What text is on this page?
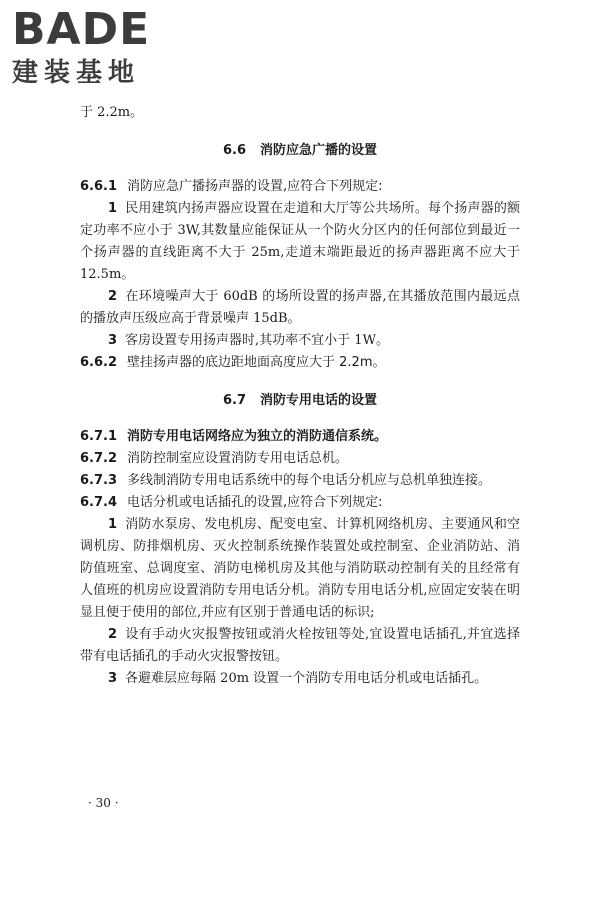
BADE
建装基地

于 2.2m。

6.6 消防应急广播的设置

6.6.1 消防应急广播扬声器的设置,应符合下列规定:

1 民用建筑内扬声器应设置在走道和大厅等公共场所。每个扬声器的额定功率不应小于 3W,其数量应能保证从一个防火分区内的任何部位到最近一个扬声器的直线距离不大于 25m,走道末端距最近的扬声器距离不应大于 12.5m。

2 在环境噪声大于 60dB 的场所设置的扬声器,在其播放范围内最远点的播放声压级应高于背景噪声 15dB。

3 客房设置专用扬声器时,其功率不宜小于 1W。

6.6.2 壁挂扬声器的底边距地面高度应大于 2.2m。

6.7 消防专用电话的设置

6.7.1 消防专用电话网络应为独立的消防通信系统。

6.7.2 消防控制室应设置消防专用电话总机。

6.7.3 多线制消防专用电话系统中的每个电话分机应与总机单独连接。

6.7.4 电话分机或电话插孔的设置,应符合下列规定:

1 消防水泵房、发电机房、配变电室、计算机网络机房、主要通风和空调机房、防排烟机房、灭火控制系统操作装置处或控制室、企业消防站、消防值班室、总调度室、消防电梯机房及其他与消防联动控制有关的且经常有人值班的机房应设置消防专用电话分机。消防专用电话分机,应固定安装在明显且便于使用的部位,并应有区别于普通电话的标识;

2 设有手动火灾报警按钮或消火栓按钮等处,宜设置电话插孔,并宜选择带有电话插孔的手动火灾报警按钮。

3 各避难层应每隔 20m 设置一个消防专用电话分机或电话插孔。

· 30 ·
